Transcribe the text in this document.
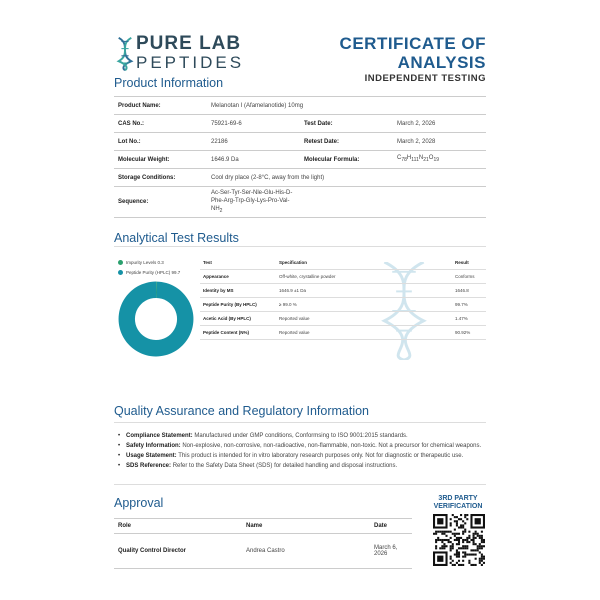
PURE LAB
PEPTIDES
CERTIFICATE OF
ANALYSIS
INDEPENDENT TESTING
Product Information
Product Name:	Melanotan I (Afamelanotide) 10mg		
CAS No.:	75921-69-6	Test Date:	March 2, 2026
Lot No.:	22186	Retest Date:	March 2, 2028
Molecular Weight:	1646.9 Da	Molecular Formula:	$C_{78}H_{111}N_{21}O_{19}$
Storage Conditions:	Cool dry place (2-8°C, away from the light)		
Sequence:	Ac-Ser-Tyr-Ser-Nle-Glu-His-D-
Phe-Arg-Trp-Gly-Lys-Pro-Val-
$NH_2$
Analytical Test Results
Impurity Levels 0.3
Peptide Purity (HPLC) 99.7
Test	Specification	Result
Appearance	Off-white, crystalline powder	Conforms
Identity by MS	1646.9 ±1 Da	1646.8
Peptide Purity (By HPLC)	≥ 99.0 %	99.7%
Acetic Acid (By HPLC)	Reported value	1.47%
Peptide Content (N%)	Reported value	90.92%
Quality Assurance and Regulatory Information
• Compliance Statement: Manufactured under GMP conditions, Conformsing to ISO 9001:2015 standards.
• Safety Information: Non-explosive, non-corrosive, non-radioactive, non-flammable, non-toxic. Not a precursor for chemical weapons.
• Usage Statement: This product is intended for in vitro laboratory research purposes only. Not for diagnostic or therapeutic use.
• SDS Reference: Refer to the Safety Data Sheet (SDS) for detailed handling and disposal instructions.
Approval
Role	Name	Date
Quality Control Director	Andrea Castro	March 6, 2026
3RD PARTY
VERIFICATION
